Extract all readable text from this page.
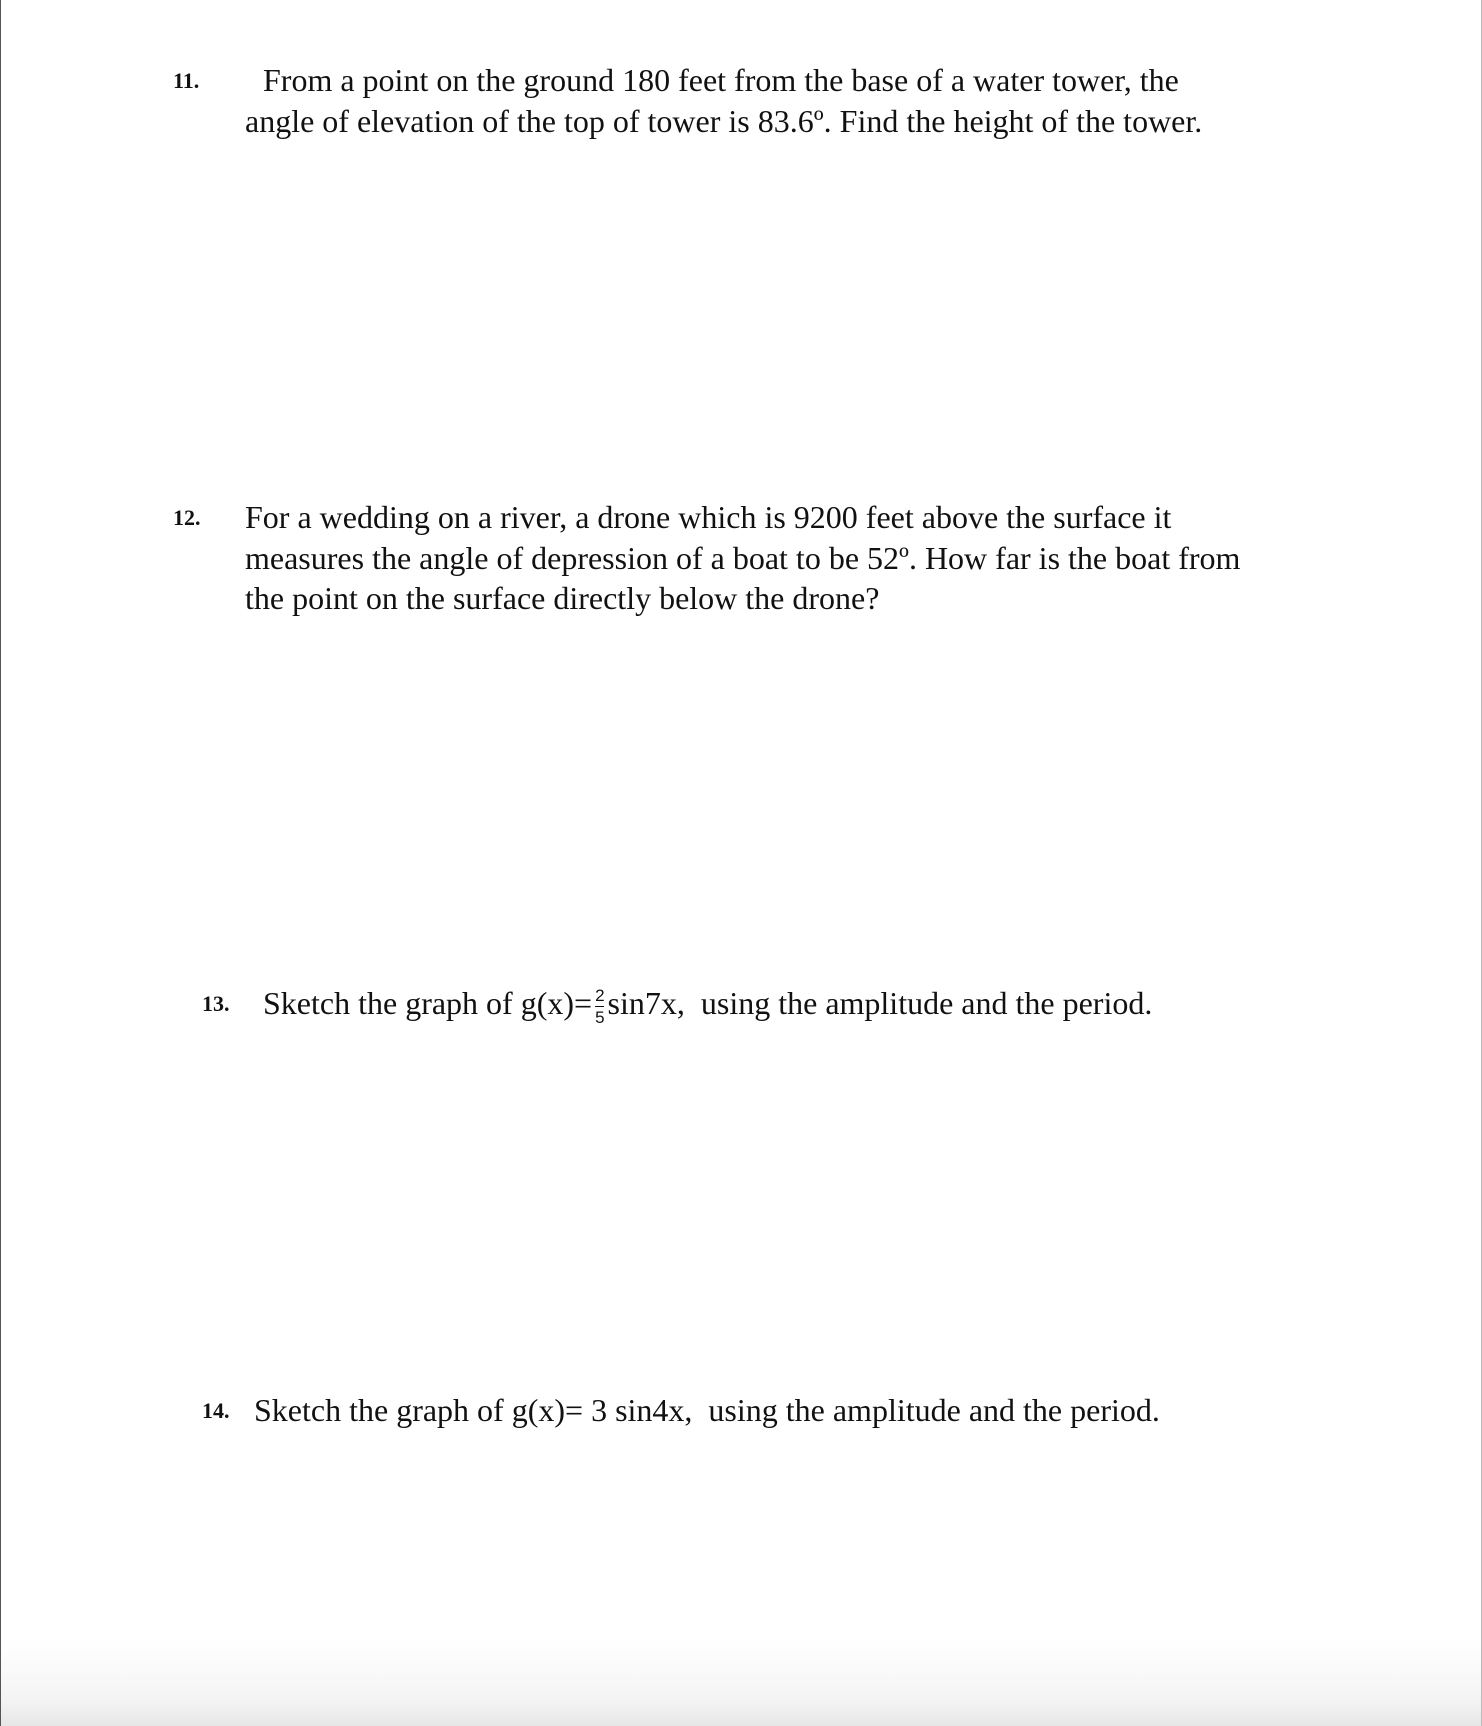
11. From a point on the ground 180 feet from the base of a water tower, the
angle of elevation of the top of tower is 83.6º. Find the height of the tower.
12. For a wedding on a river, a drone which is 9200 feet above the surface it
measures the angle of depression of a boat to be 52º. How far is the boat from
the point on the surface directly below the drone?
13. Sketch the graph of $g(x)= \frac{2}{5} \sin 7x$,  using the amplitude and the period.
14. Sketch the graph of g(x)= 3 sin4x,  using the amplitude and the period.
